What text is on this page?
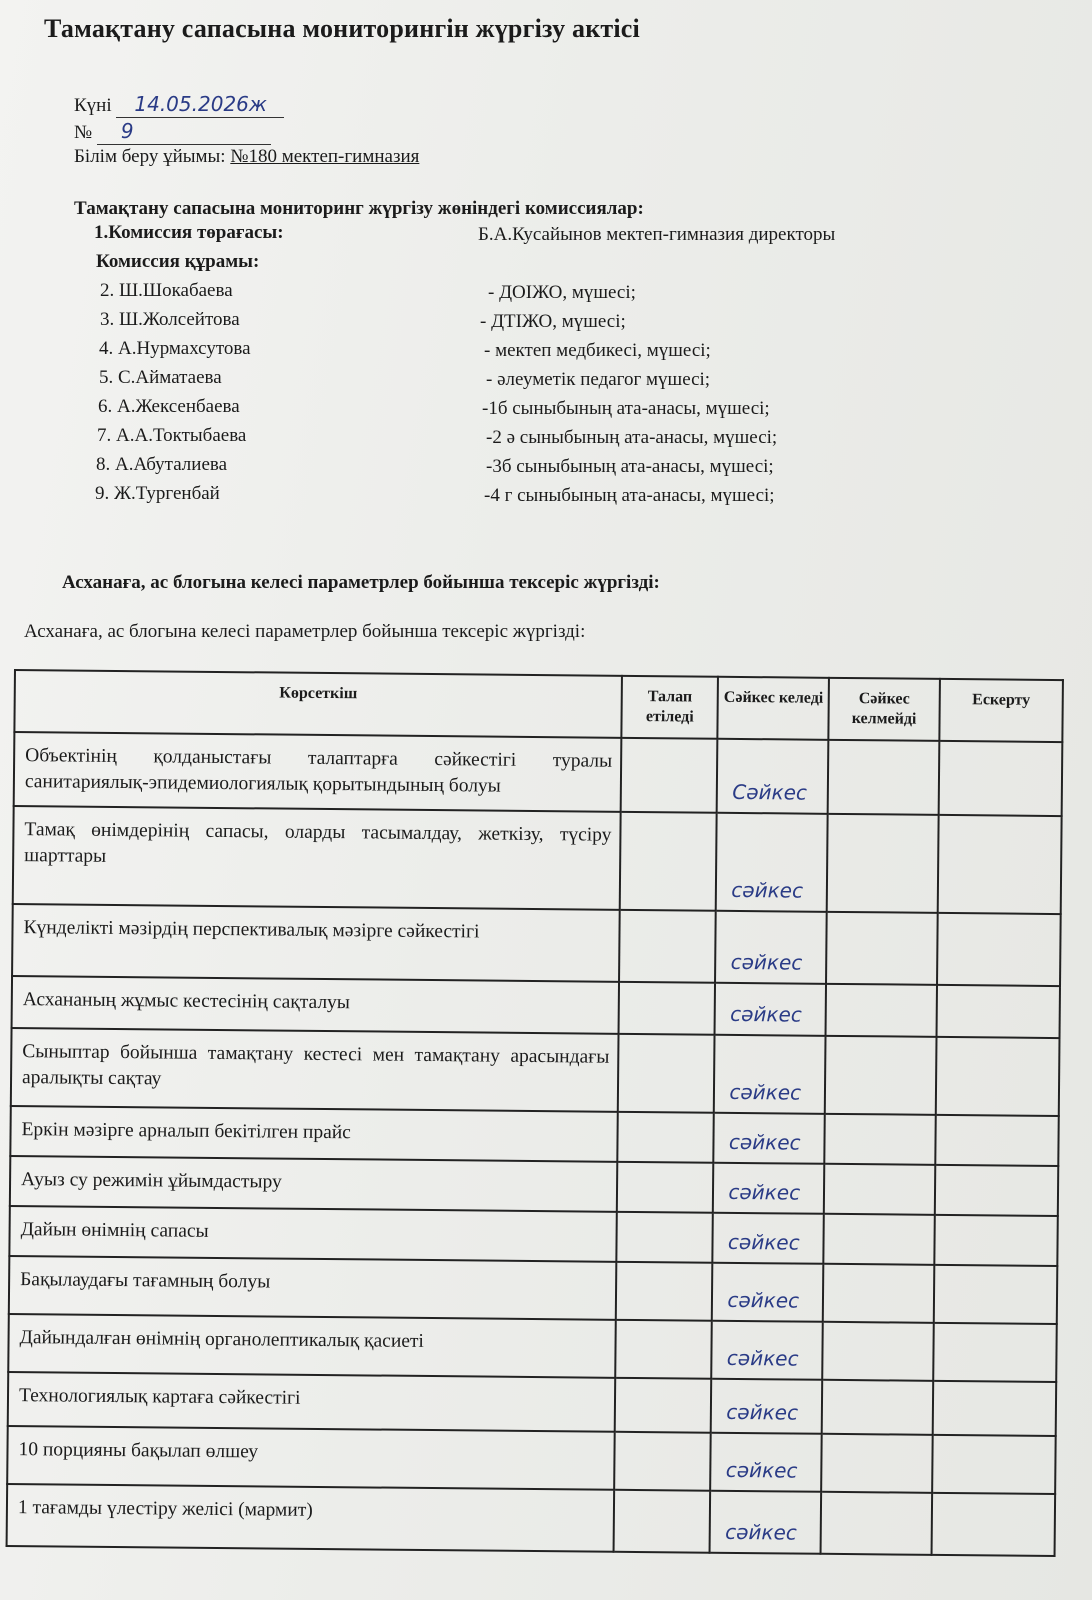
Тамақтану сапасына мониторингін жүргізу актісі
Күні 14.05.2026ж
№ 9
Білім беру ұйымы: №180 мектеп-гимназия
Тамақтану сапасына мониторинг жүргізу жөніндегі комиссиялар:
1.Комиссия төрағасы:	Б.А.Кусайынов мектеп-гимназия директоры
Комиссия құрамы:
2. Ш.Шокабаева	- ДОІЖО, мүшесі;
3. Ш.Жолсейтова	- ДТІЖО, мүшесі;
4. А.Нурмахсутова	- мектеп медбикесі, мүшесі;
5. С.Айматаева	- әлеуметік педагог мүшесі;
6. А.Жексенбаева	-1б сыныбының ата-анасы, мүшесі;
7. А.А.Токтыбаева	-2 ә сыныбының ата-анасы, мүшесі;
8. А.Абуталиева	-3б сыныбының ата-анасы, мүшесі;
9. Ж.Тургенбай	-4 г сыныбының ата-анасы, мүшесі;
Асханаға, ас блогына келесі параметрлер бойынша тексеріс жүргізді:
Асханаға, ас блогына келесі параметрлер бойынша тексеріс жүргізді:
Көрсеткіш	Талап етіледі	Сәйкес келеді	Сәйкес келмейді	Ескерту
Объектінің қолданыстағы талаптарға сәйкестігі туралы санитариялық-эпидемиологиялық қорытындының болуы		Сәйкес		
Тамақ өнімдерінің сапасы, оларды тасымалдау, жеткізу, түсіру шарттары		сәйкес		
Күнделікті мәзірдің перспективалық мәзірге сәйкестігі		сәйкес		
Асхананың жұмыс кестесінің сақталуы		сәйкес		
Сыныптар бойынша тамақтану кестесі мен тамақтану арасындағы аралықты сақтау		сәйкес		
Еркін мәзірге арналып бекітілген прайс		сәйкес		
Ауыз су режимін ұйымдастыру		сәйкес		
Дайын өнімнің сапасы		сәйкес		
Бақылаудағы тағамның болуы		сәйкес		
Дайындалған өнімнің органолептикалық қасиеті		сәйкес		
Технологиялық картаға сәйкестігі		сәйкес		
10 порцияны бақылап өлшеу		сәйкес		
1 тағамды үлестіру желісі (мармит)		сәйкес		
